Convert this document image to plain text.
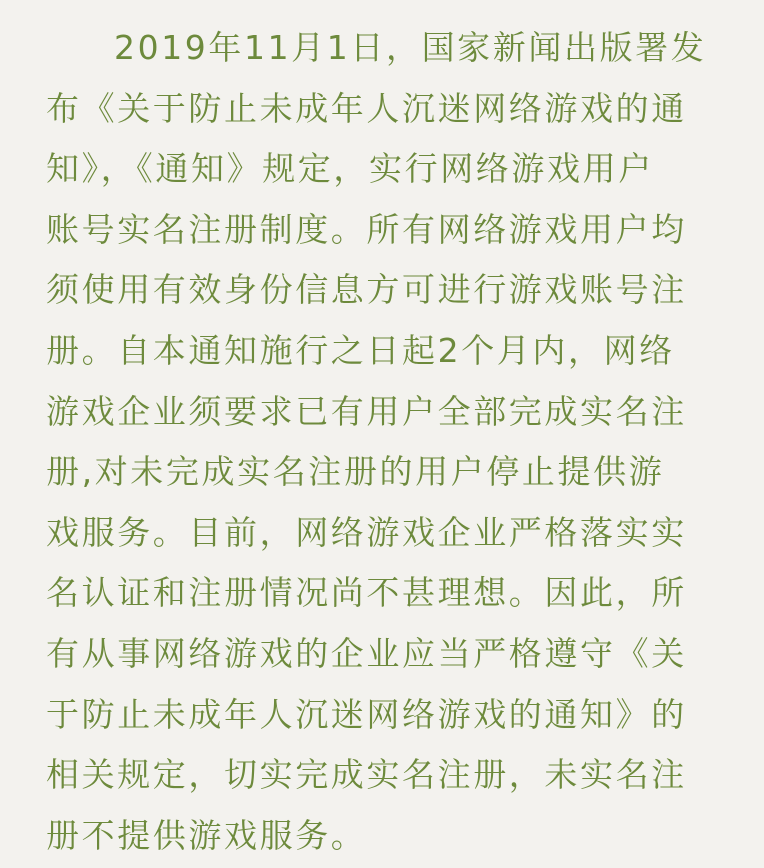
2019年11月1日，国家新闻出版署发
布《关于防止未成年人沉迷网络游戏的通
知》，《通知》规定，实行网络游戏用户
账号实名注册制度。所有网络游戏用户均
须使用有效身份信息方可进行游戏账号注
册。自本通知施行之日起2个月内，网络
游戏企业须要求已有用户全部完成实名注
册,对未完成实名注册的用户停止提供游
戏服务。目前，网络游戏企业严格落实实
名认证和注册情况尚不甚理想。因此，所
有从事网络游戏的企业应当严格遵守《关
于防止未成年人沉迷网络游戏的通知》的
相关规定，切实完成实名注册，未实名注
册不提供游戏服务。
